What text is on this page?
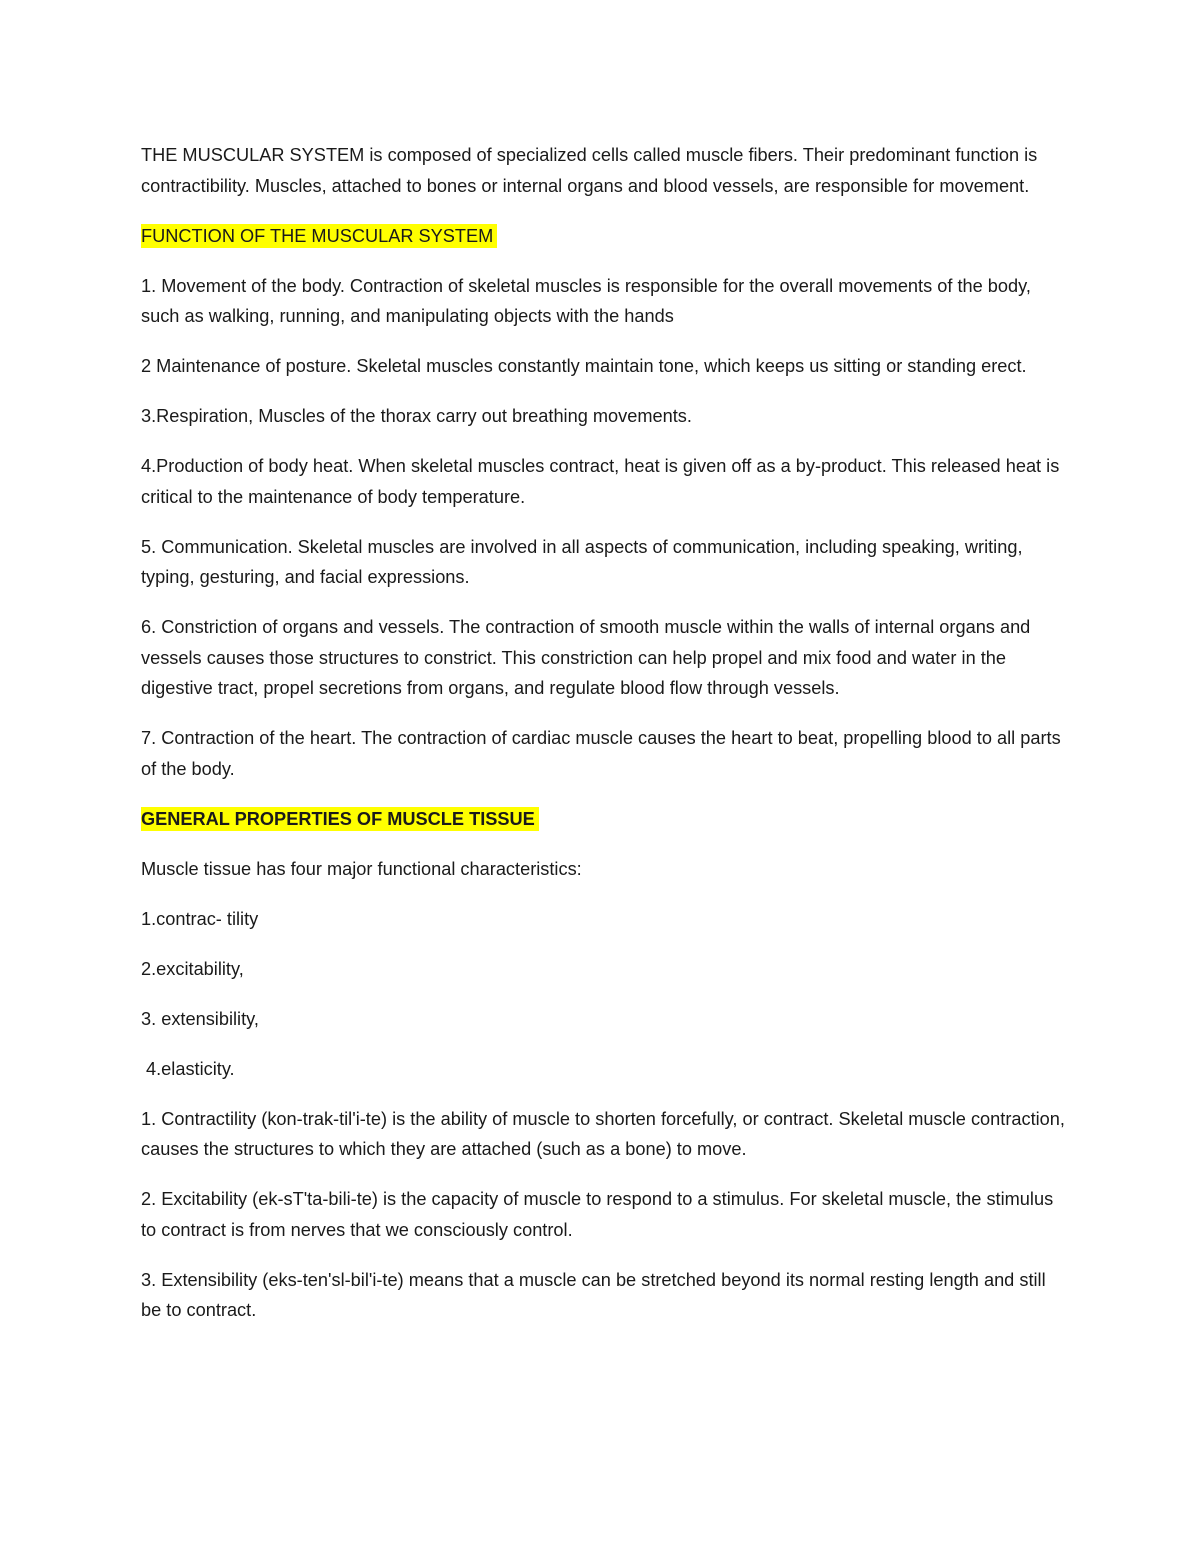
THE MUSCULAR SYSTEM is composed of specialized cells called muscle fibers. Their predominant function is contractibility. Muscles, attached to bones or internal organs and blood vessels, are responsible for movement.

FUNCTION OF THE MUSCULAR SYSTEM

1. Movement of the body. Contraction of skeletal muscles is responsible for the overall movements of the body, such as walking, running, and manipulating objects with the hands

2 Maintenance of posture. Skeletal muscles constantly maintain tone, which keeps us sitting or standing erect.

3.Respiration, Muscles of the thorax carry out breathing movements.

4.Production of body heat. When skeletal muscles contract, heat is given off as a by-product. This released heat is critical to the maintenance of body temperature.

5. Communication. Skeletal muscles are involved in all aspects of communication, including speaking, writing, typing, gesturing, and facial expressions.

6. Constriction of organs and vessels. The contraction of smooth muscle within the walls of internal organs and vessels causes those structures to constrict. This constriction can help propel and mix food and water in the digestive tract, propel secretions from organs, and regulate blood flow through vessels.

7. Contraction of the heart. The contraction of cardiac muscle causes the heart to beat, propelling blood to all parts of the body.

GENERAL PROPERTIES OF MUSCLE TISSUE

Muscle tissue has four major functional characteristics:

1.contrac- tility

2.excitability,

3. extensibility,

4.elasticity.

1. Contractility (kon-trak-til'i-te) is the ability of muscle to shorten forcefully, or contract. Skeletal muscle contraction, causes the structures to which they are attached (such as a bone) to move.

2. Excitability (ek-sT'ta-bili-te) is the capacity of muscle to respond to a stimulus. For skeletal muscle, the stimulus to contract is from nerves that we consciously control.

3. Extensibility (eks-ten'sl-bil'i-te) means that a muscle can be stretched beyond its normal resting length and still be to contract.
